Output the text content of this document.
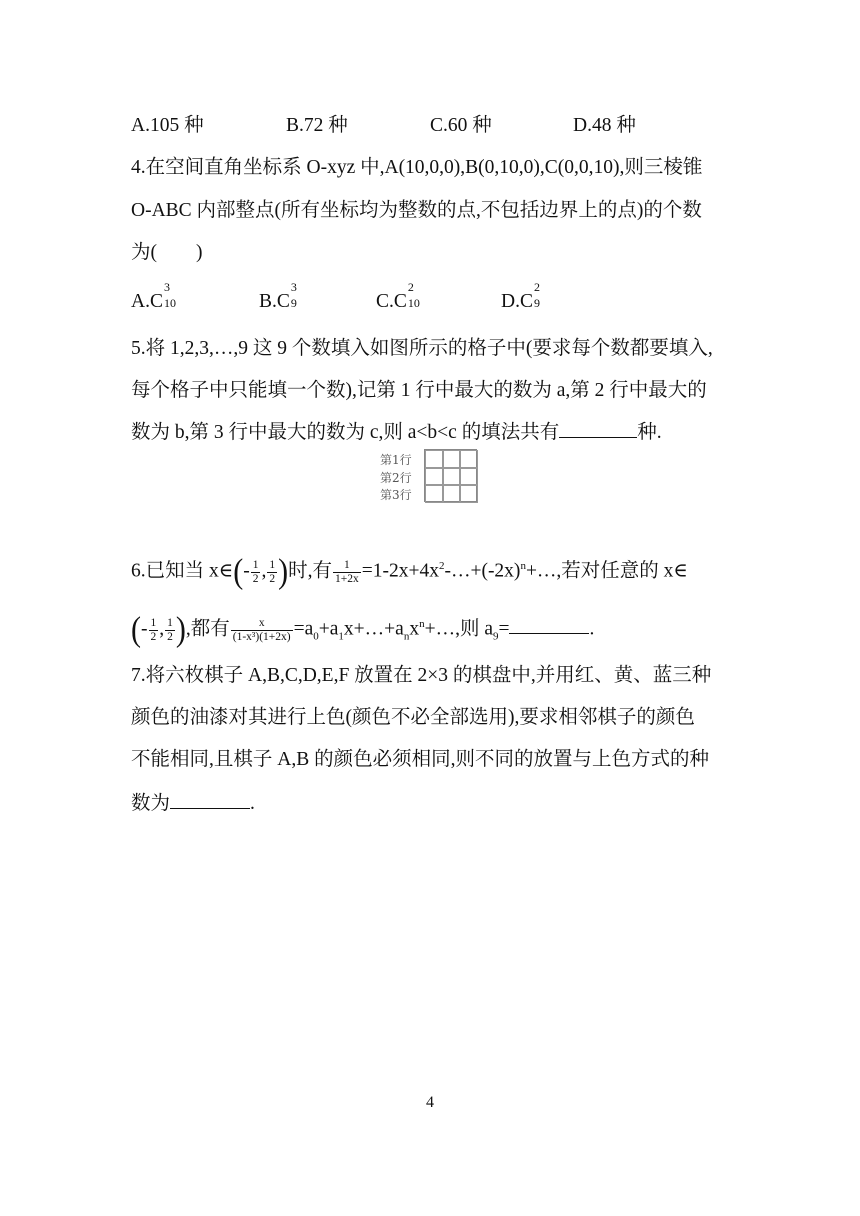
A.105 种	B.72 种	C.60 种	D.48 种
4.在空间直角坐标系 O-xyz 中,A(10,0,0),B(0,10,0),C(0,0,10),则三棱锥
O-ABC 内部整点(所有坐标均为整数的点,不包括边界上的点)的个数
为(　　)
A.C
3
10	B.C
3
9	C.C
2
10	D.C
2
9
5.将 1,2,3,…,9 这 9 个数填入如图所示的格子中(要求每个数都要填入,
每个格子中只能填一个数),记第 1 行中最大的数为 a,第 2 行中最大的
数为 b,第 3 行中最大的数为 c,则 a<b<c 的填法共有	种.
第1行
第2行
第3行
6.已知当 x∈(- $\frac{1}{2}$ , $\frac{1}{2}$ )时,有 $\frac{1}{1+2x}$ $=1-2x+4x^2-\dots+(-2x)^n+\dots$,若对任意的 x∈
(- $\frac{1}{2}$ , $\frac{1}{2}$ ),都有 $\frac{x}{\text{(1-x³)(1+2x)}}$ $=a_0+a_1x+\dots+a_nx^n+\dots$,则 $a_9=$	.
7.将六枚棋子 A,B,C,D,E,F 放置在 2×3 的棋盘中,并用红、黄、蓝三种
颜色的油漆对其进行上色(颜色不必全部选用),要求相邻棋子的颜色
不能相同,且棋子 A,B 的颜色必须相同,则不同的放置与上色方式的种
数为	.
4
